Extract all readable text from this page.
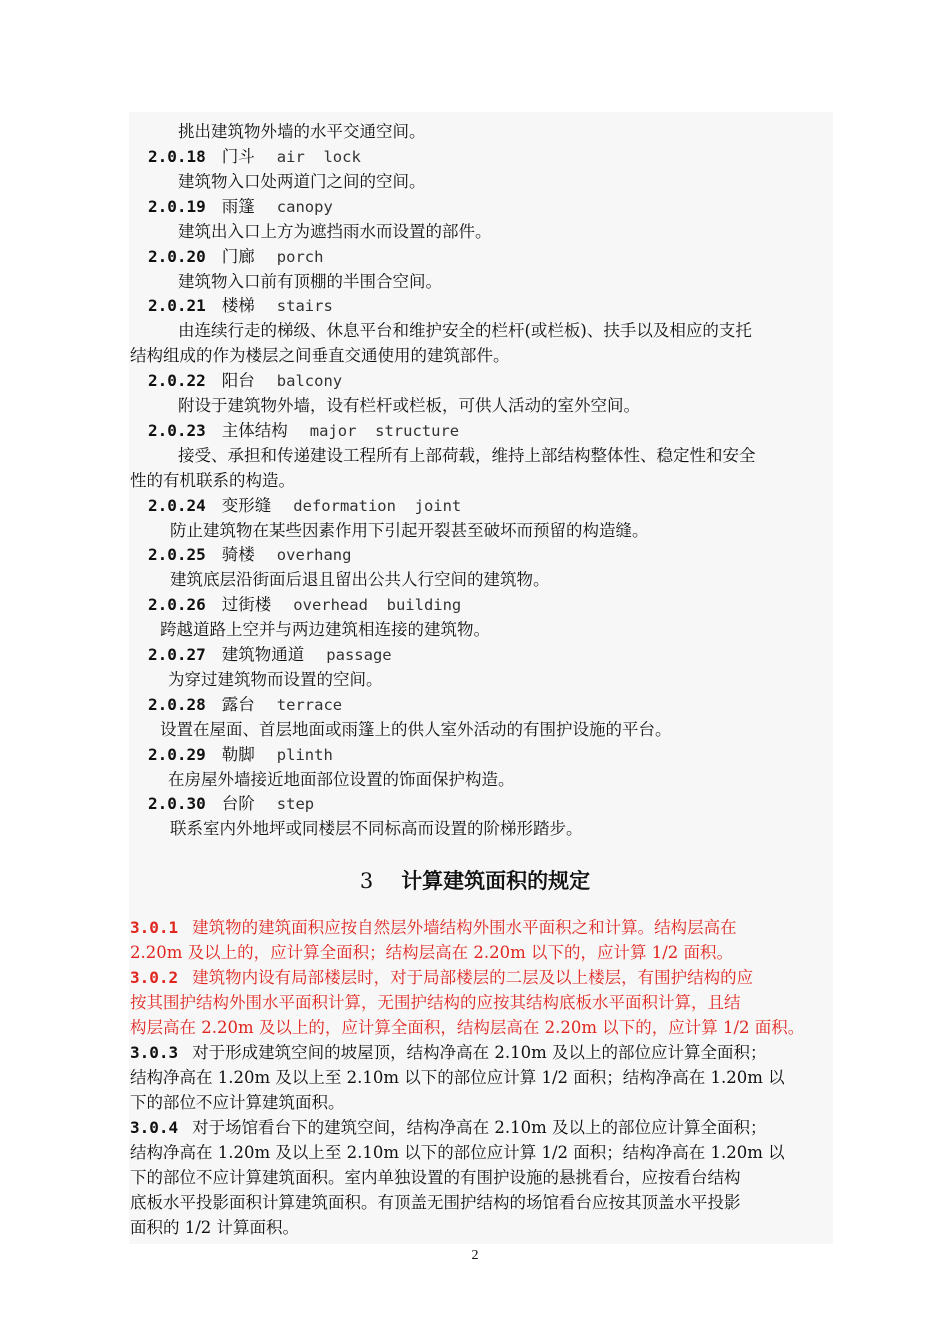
挑出建筑物外墙的水平交通空间。
2.0.18 门斗 air  lock
建筑物入口处两道门之间的空间。
2.0.19 雨篷 canopy
建筑出入口上方为遮挡雨水而设置的部件。
2.0.20 门廊 porch
建筑物入口前有顶棚的半围合空间。
2.0.21 楼梯 stairs
由连续行走的梯级、休息平台和维护安全的栏杆(或栏板)、扶手以及相应的支托
结构组成的作为楼层之间垂直交通使用的建筑部件。
2.0.22 阳台 balcony
附设于建筑物外墙，设有栏杆或栏板，可供人活动的室外空间。
2.0.23 主体结构 major  structure
接受、承担和传递建设工程所有上部荷载，维持上部结构整体性、稳定性和安全
性的有机联系的构造。
2.0.24 变形缝 deformation  joint
防止建筑物在某些因素作用下引起开裂甚至破坏而预留的构造缝。
2.0.25 骑楼 overhang
建筑底层沿街面后退且留出公共人行空间的建筑物。
2.0.26 过街楼 overhead  building
跨越道路上空并与两边建筑相连接的建筑物。
2.0.27 建筑物通道 passage
为穿过建筑物而设置的空间。
2.0.28 露台 terrace
设置在屋面、首层地面或雨篷上的供人室外活动的有围护设施的平台。
2.0.29 勒脚 plinth
在房屋外墙接近地面部位设置的饰面保护构造。
2.0.30 台阶 step
联系室内外地坪或同楼层不同标高而设置的阶梯形踏步。
3 计算建筑面积的规定
3.0.1 建筑物的建筑面积应按自然层外墙结构外围水平面积之和计算。结构层高在
2.20m 及以上的，应计算全面积；结构层高在 2.20m 以下的，应计算 1/2 面积。
3.0.2 建筑物内设有局部楼层时，对于局部楼层的二层及以上楼层，有围护结构的应
按其围护结构外围水平面积计算，无围护结构的应按其结构底板水平面积计算，且结
构层高在 2.20m 及以上的，应计算全面积，结构层高在 2.20m 以下的，应计算 1/2 面积。
3.0.3 对于形成建筑空间的坡屋顶，结构净高在 2.10m 及以上的部位应计算全面积；
结构净高在 1.20m 及以上至 2.10m 以下的部位应计算 1/2 面积；结构净高在 1.20m 以
下的部位不应计算建筑面积。
3.0.4 对于场馆看台下的建筑空间，结构净高在 2.10m 及以上的部位应计算全面积；
结构净高在 1.20m 及以上至 2.10m 以下的部位应计算 1/2 面积；结构净高在 1.20m 以
下的部位不应计算建筑面积。室内单独设置的有围护设施的悬挑看台，应按看台结构
底板水平投影面积计算建筑面积。有顶盖无围护结构的场馆看台应按其顶盖水平投影
面积的 1/2 计算面积。
2
